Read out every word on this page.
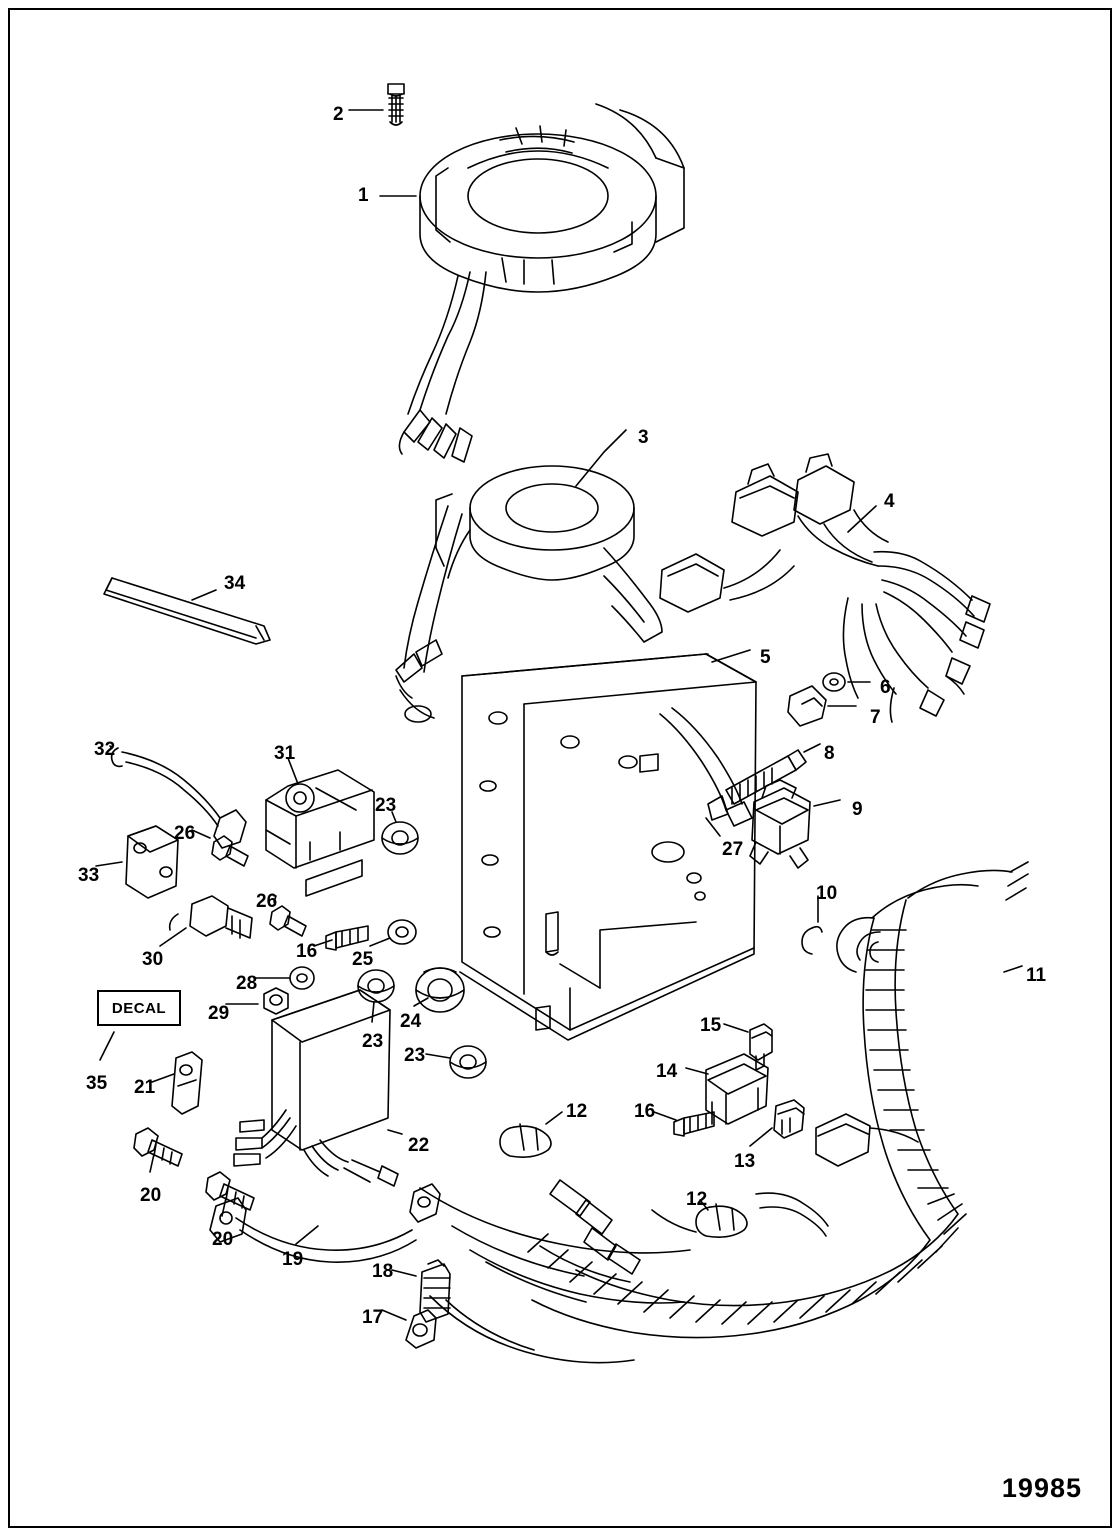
DECAL
1
2
3
4
5
6
7
8
9
10
11
12
12
13
14
15
16
16
17
18
19
20
20
21
22
23
23
23
24
25
26
26
27
28
29
30
31
32
33
34
35
19985
